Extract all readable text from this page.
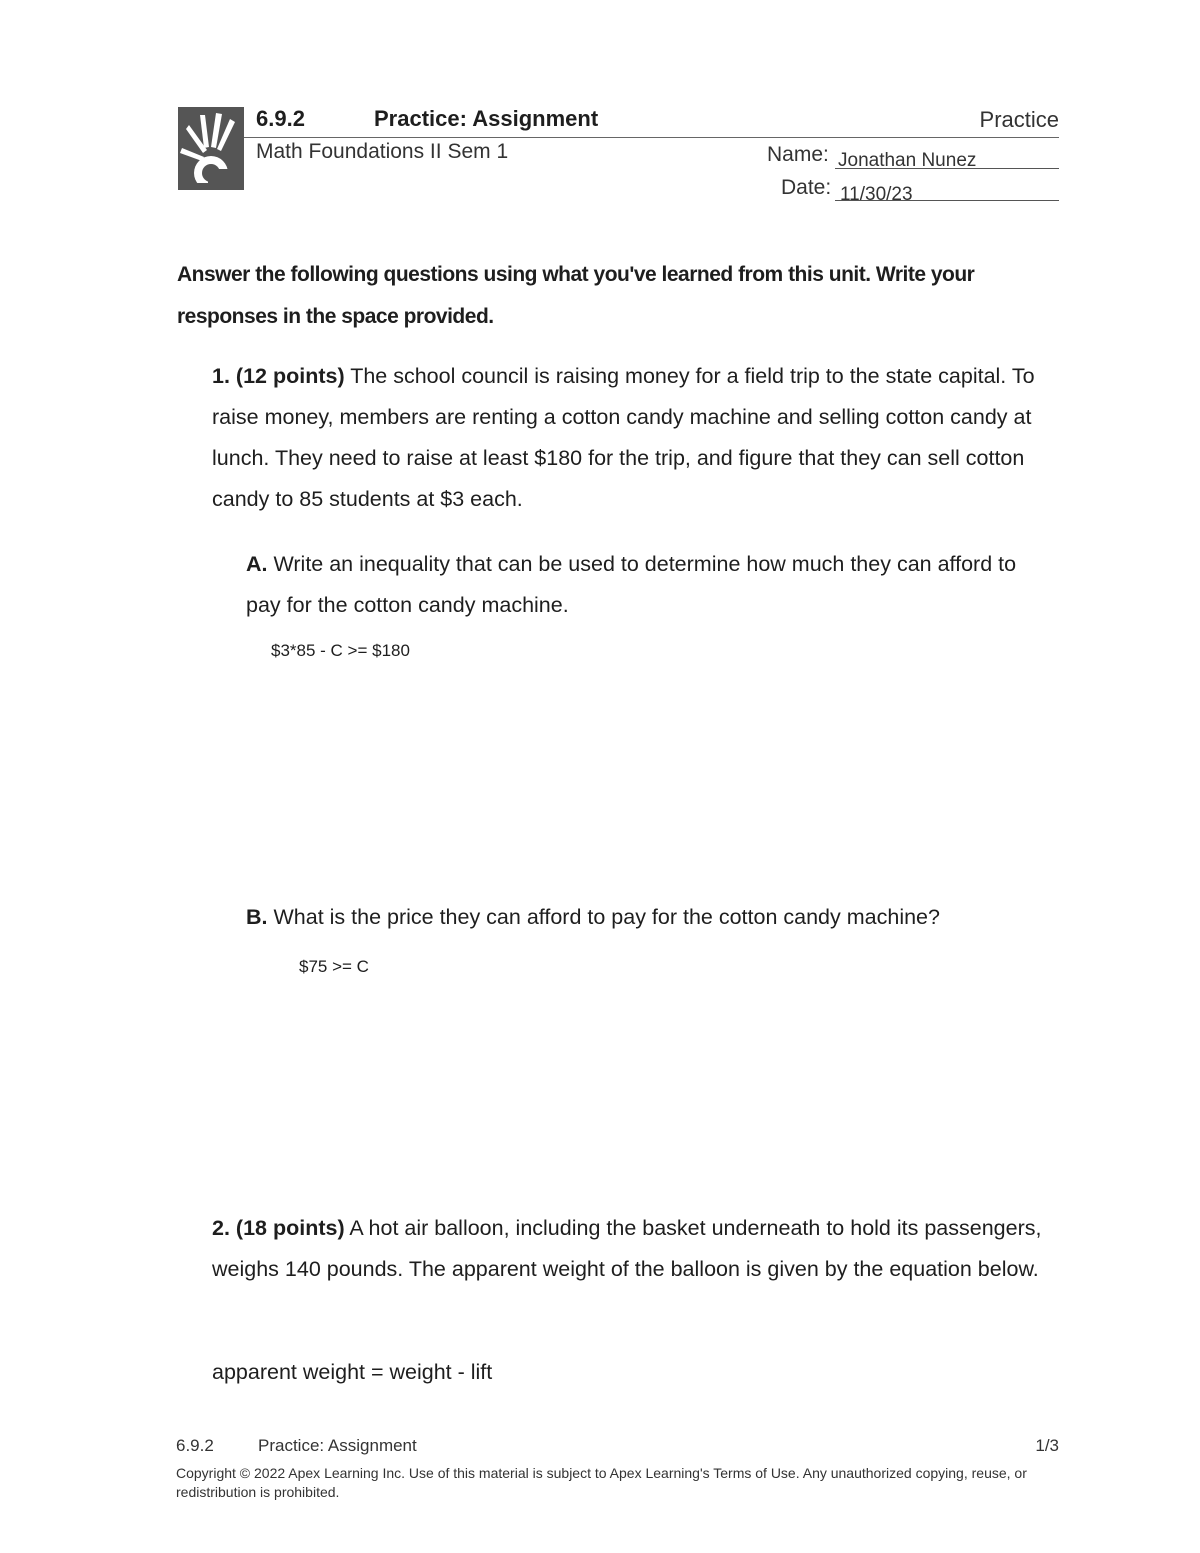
6.9.2	Practice: Assignment	Practice
Math Foundations II Sem 1	Name: Jonathan Nunez
Date: 11/30/23
Answer the following questions using what you've learned from this unit. Write your responses in the space provided.
1. (12 points) The school council is raising money for a field trip to the state capital. To raise money, members are renting a cotton candy machine and selling cotton candy at lunch. They need to raise at least $180 for the trip, and figure that they can sell cotton candy to 85 students at $3 each.
A. Write an inequality that can be used to determine how much they can afford to pay for the cotton candy machine.
$3*85 - C >= $180
B. What is the price they can afford to pay for the cotton candy machine?
$75 >= C
2. (18 points) A hot air balloon, including the basket underneath to hold its passengers, weighs 140 pounds. The apparent weight of the balloon is given by the equation below.
apparent weight = weight - lift
6.9.2	Practice: Assignment	1/3
Copyright © 2022 Apex Learning Inc. Use of this material is subject to Apex Learning's Terms of Use. Any unauthorized copying, reuse, or redistribution is prohibited.
